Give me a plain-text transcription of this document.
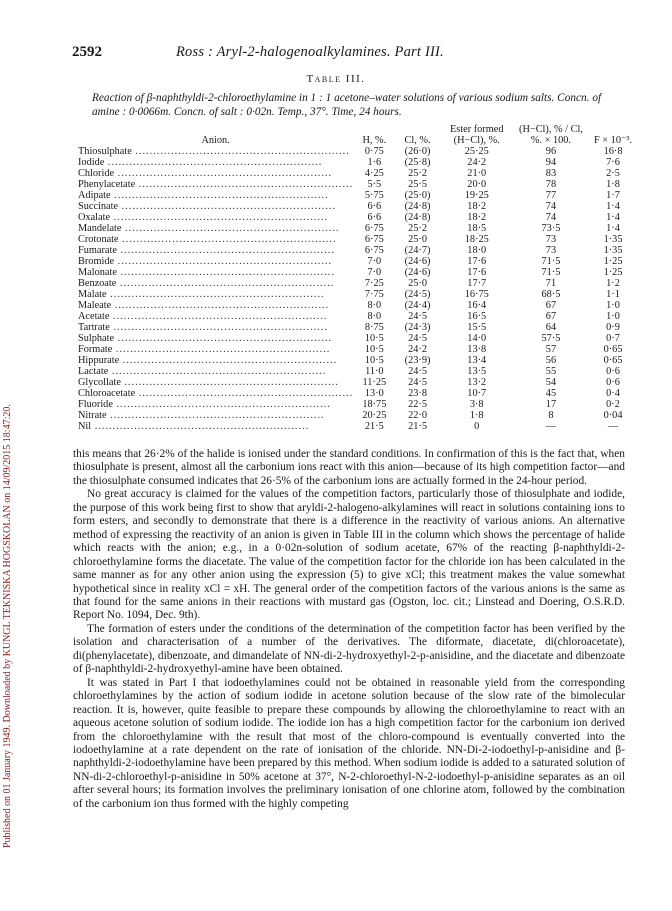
Published on 01 January 1949. Downloaded by KUNGL TEKNISKA HOGSKOLAN on 14/09/2015 18:47:20.
2592	Ross : Aryl-2-halogenoalkylamines. Part III.
Table III.
Reaction of β-naphthyldi-2-chloroethylamine in 1 : 1 acetone–water solutions of various sodium salts. Concn. of amine : 0·0066m. Concn. of salt : 0·02n. Temp., 37°. Time, 24 hours.
Anion.	H, %.	Cl, %.	Ester formed (H−Cl), %.	(H−Cl), % / Cl, %. × 100.	F × 10⁻³.
Thiosulphate ............................................................	0·75	(26·0)	25·25	96	16·8
Iodide ............................................................	1·6	(25·8)	24·2	94	7·6
Chloride ............................................................	4·25	25·2	21·0	83	2·5
Phenylacetate ............................................................	5·5	25·5	20·0	78	1·8
Adipate ............................................................	5·75	(25·0)	19·25	77	1·7
Succinate ............................................................	6·6	(24·8)	18·2	74	1·4
Oxalate ............................................................	6·6	(24·8)	18·2	74	1·4
Mandelate ............................................................	6·75	25·2	18·5	73·5	1·4
Crotonate ............................................................	6·75	25·0	18·25	73	1·35
Fumarate ............................................................	6·75	(24·7)	18·0	73	1·35
Bromide ............................................................	7·0	(24·6)	17·6	71·5	1·25
Malonate ............................................................	7·0	(24·6)	17·6	71·5	1·25
Benzoate ............................................................	7·25	25·0	17·7	71	1·2
Malate ............................................................	7·75	(24·5)	16·75	68·5	1·1
Maleate ............................................................	8·0	(24·4)	16·4	67	1·0
Acetate ............................................................	8·0	24·5	16·5	67	1·0
Tartrate ............................................................	8·75	(24·3)	15·5	64	0·9
Sulphate ............................................................	10·5	24·5	14·0	57·5	0·7
Formate ............................................................	10·5	24·2	13·8	57	0·65
Hippurate ............................................................	10·5	(23·9)	13·4	56	0·65
Lactate ............................................................	11·0	24·5	13·5	55	0·6
Glycollate ............................................................	11·25	24·5	13·2	54	0·6
Chloroacetate ............................................................	13·0	23·8	10·7	45	0·4
Fluoride ............................................................	18·75	22·5	3·8	17	0·2
Nitrate ............................................................	20·25	22·0	1·8	8	0·04
Nil ............................................................	21·5	21·5	0	—	—

this means that 26·2% of the halide is ionised under the standard conditions. In confirmation of this is the fact that, when thiosulphate is present, almost all the carbonium ions react with this anion—because of its high competition factor—and the thiosulphate consumed indicates that 26·5% of the carbonium ions are actually formed in the 24-hour period.

No great accuracy is claimed for the values of the competition factors, particularly those of thiosulphate and iodide, the purpose of this work being first to show that aryldi-2-halogeno-alkylamines will react in solutions containing ions to form esters, and secondly to demonstrate that there is a difference in the reactivity of various anions. An alternative method of expressing the reactivity of an anion is given in Table III in the column which shows the percentage of halide which reacts with the anion; e.g., in a 0·02n-solution of sodium acetate, 67% of the reacting β-naphthyldi-2-chloroethylamine forms the diacetate. The value of the competition factor for the chloride ion has been calculated in the same manner as for any other anion using the expression (5) to give xCl; this treatment makes the value somewhat hypothetical since in reality xCl = xH. The general order of the competition factors of the various anions is the same as that found for the same anions in their reactions with mustard gas (Ogston, loc. cit.; Linstead and Doering, O.S.R.D. Report No. 1094, Dec. 9th).

The formation of esters under the conditions of the determination of the competition factor has been verified by the isolation and characterisation of a number of the derivatives. The diformate, diacetate, di(chloroacetate), di(phenylacetate), dibenzoate, and dimandelate of NN-di-2-hydroxyethyl-2-p-anisidine, and the diacetate and dibenzoate of β-naphthyldi-2-hydroxyethyl-amine have been obtained.

It was stated in Part I that iodoethylamines could not be obtained in reasonable yield from the corresponding chloroethylamines by the action of sodium iodide in acetone solution because of the slow rate of the bimolecular reaction. It is, however, quite feasible to prepare these compounds by allowing the chloroethylamine to react with an aqueous acetone solution of sodium iodide. The iodide ion has a high competition factor for the carbonium ion derived from the chloroethylamine with the result that most of the chloro-compound is eventually converted into the iodoethylamine at a rate dependent on the rate of ionisation of the chloride. NN-Di-2-iodoethyl-p-anisidine and β-naphthyldi-2-iodoethylamine have been prepared by this method. When sodium iodide is added to a saturated solution of NN-di-2-chloroethyl-p-anisidine in 50% acetone at 37°, N-2-chloroethyl-N-2-iodoethyl-p-anisidine separates as an oil after several hours; its formation involves the preliminary ionisation of one chlorine atom, followed by the combination of the carbonium ion thus formed with the highly competing
